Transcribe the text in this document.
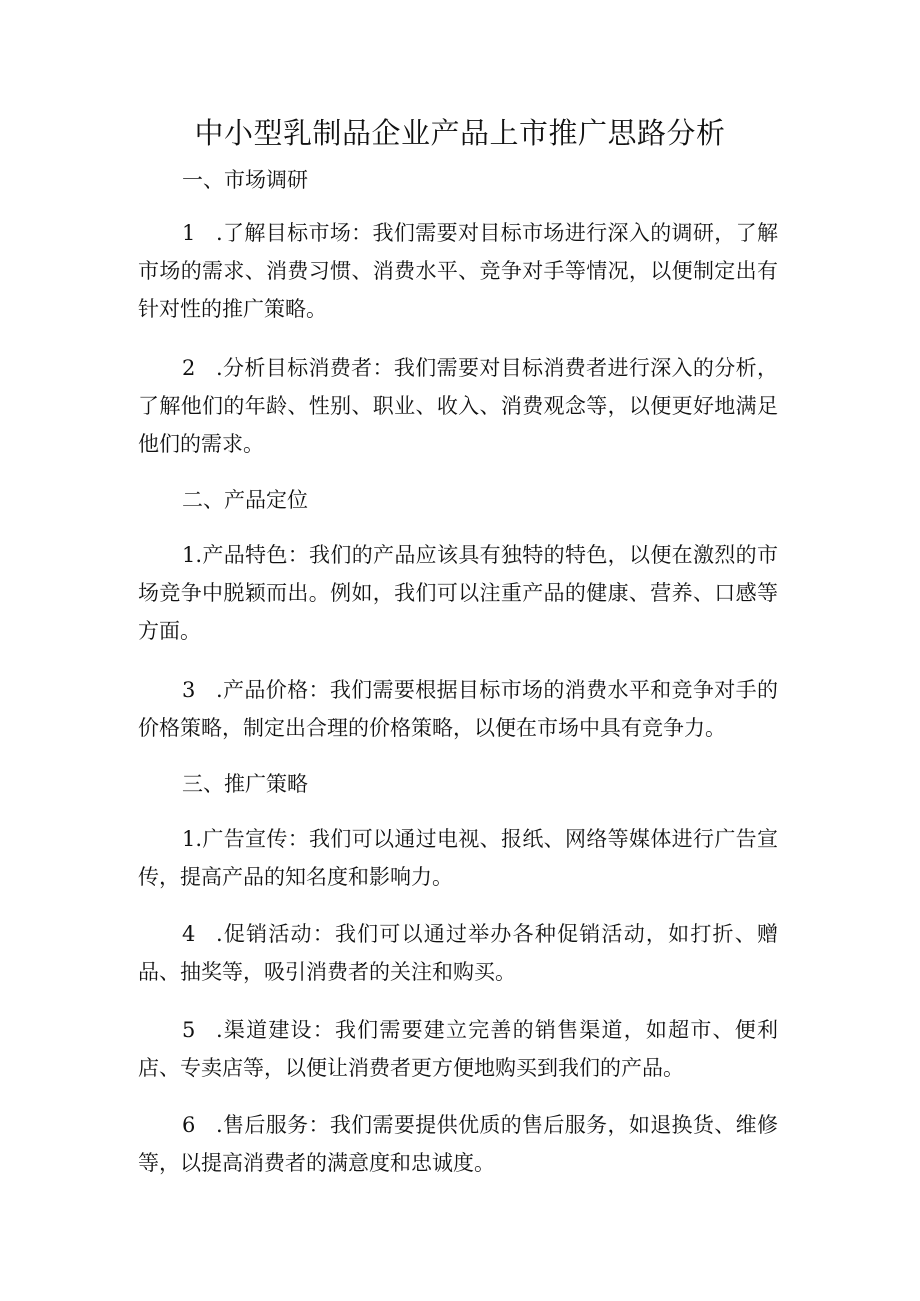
中小型乳制品企业产品上市推广思路分析
一、市场调研
1 .了解目标市场：我们需要对目标市场进行深入的调研，了解市场的需求、消费习惯、消费水平、竞争对手等情况，以便制定出有针对性的推广策略。
2 .分析目标消费者：我们需要对目标消费者进行深入的分析，了解他们的年龄、性别、职业、收入、消费观念等，以便更好地满足他们的需求。
二、产品定位
1.产品特色：我们的产品应该具有独特的特色，以便在激烈的市场竞争中脱颖而出。例如，我们可以注重产品的健康、营养、口感等方面。
3 .产品价格：我们需要根据目标市场的消费水平和竞争对手的价格策略，制定出合理的价格策略，以便在市场中具有竞争力。
三、推广策略
1.广告宣传：我们可以通过电视、报纸、网络等媒体进行广告宣传，提高产品的知名度和影响力。
4 .促销活动：我们可以通过举办各种促销活动，如打折、赠品、抽奖等，吸引消费者的关注和购买。
5 .渠道建设：我们需要建立完善的销售渠道，如超市、便利店、专卖店等，以便让消费者更方便地购买到我们的产品。
6 .售后服务：我们需要提供优质的售后服务，如退换货、维修等，以提高消费者的满意度和忠诚度。
